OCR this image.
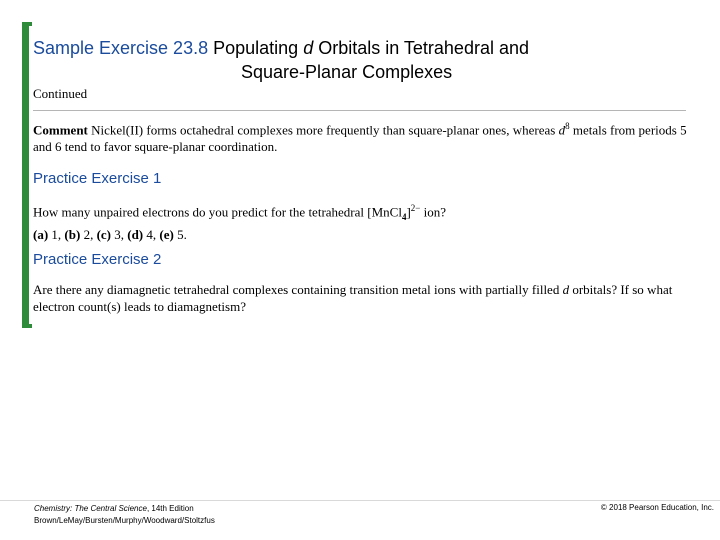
Sample Exercise 23.8 Populating d Orbitals in Tetrahedral and
Square-Planar Complexes
Continued
Comment Nickel(II) forms octahedral complexes more frequently than square-planar ones, whereas $d^8$ metals from periods 5 and 6 tend to favor square-planar coordination.
Practice Exercise 1
How many unpaired electrons do you predict for the tetrahedral [MnCl$_4$]$^{2-}$ ion?
(a) 1, (b) 2, (c) 3, (d) 4, (e) 5.
Practice Exercise 2
Are there any diamagnetic tetrahedral complexes containing transition metal ions with partially filled d orbitals? If so what electron count(s) leads to diamagnetism?
Chemistry: The Central Science, 14th Edition
Brown/LeMay/Bursten/Murphy/Woodward/Stoltzfus
© 2018 Pearson Education, Inc.
